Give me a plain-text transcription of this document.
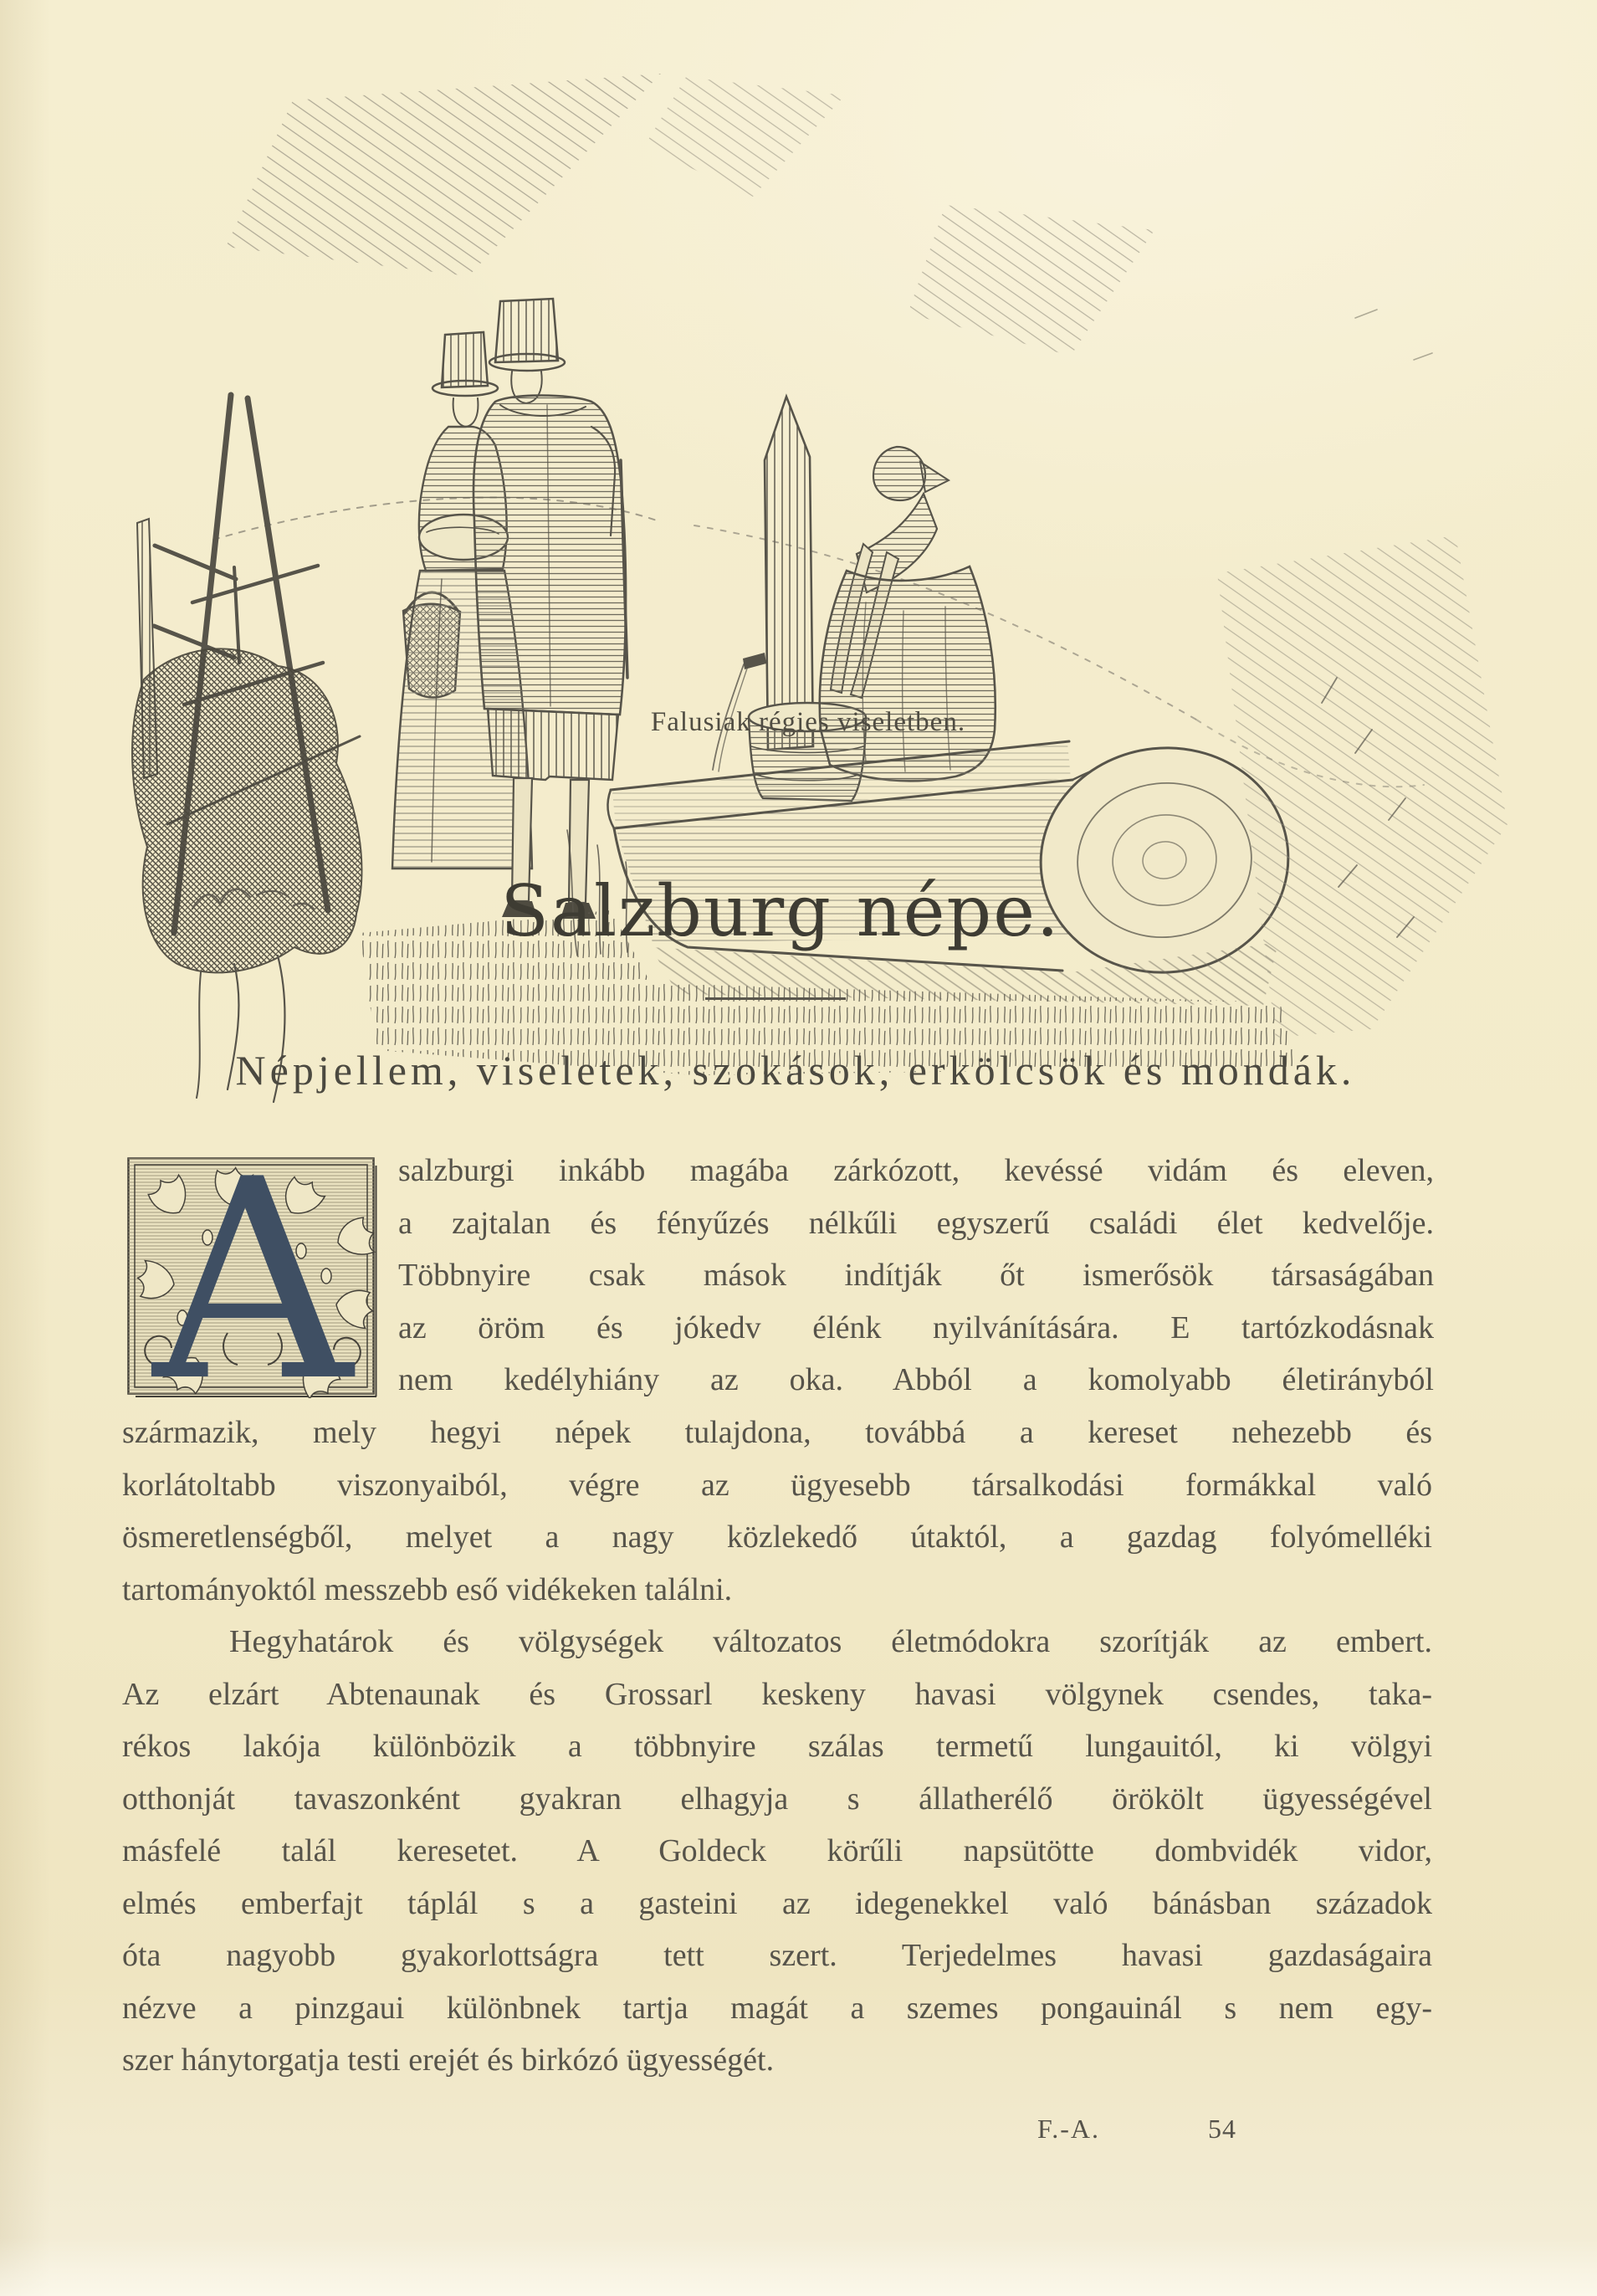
Falusiak régies viseletben.
Salzburg népe.
Népjellem, viseletek, szokások, erkölcsök és mondák.
A salzburgi inkább magába zárkózott, kevéssé vidám és eleven,
a zajtalan és fényűzés nélkűli egyszerű családi élet kedvelője.
Többnyire csak mások indítják őt ismerősök társaságában
az öröm és jókedv élénk nyilvánítására. E tartózkodásnak
nem kedélyhiány az oka. Abból a komolyabb életirányból
származik, mely hegyi népek tulajdona, továbbá a kereset nehezebb és
korlátoltabb viszonyaiból, végre az ügyesebb társalkodási formákkal való
ösmeretlenségből, melyet a nagy közlekedő útaktól, a gazdag folyómelléki
tartományoktól messzebb eső vidékeken találni.
Hegyhatárok és völgységek változatos életmódokra szorítják az embert.
Az elzárt Abtenaunak és Grossarl keskeny havasi völgynek csendes, taka-
rékos lakója különbözik a többnyire szálas termetű lungauitól, ki völgyi
otthonját tavaszonként gyakran elhagyja s állatherélő örökölt ügyességével
másfelé talál keresetet. A Goldeck körűli napsütötte dombvidék vidor,
elmés emberfajt táplál s a gasteini az idegenekkel való bánásban századok
óta nagyobb gyakorlottságra tett szert. Terjedelmes havasi gazdaságaira
nézve a pinzgaui különbnek tartja magát a szemes pongauinál s nem egy-
szer hánytorgatja testi erejét és birkózó ügyességét.
F.-A.	54
